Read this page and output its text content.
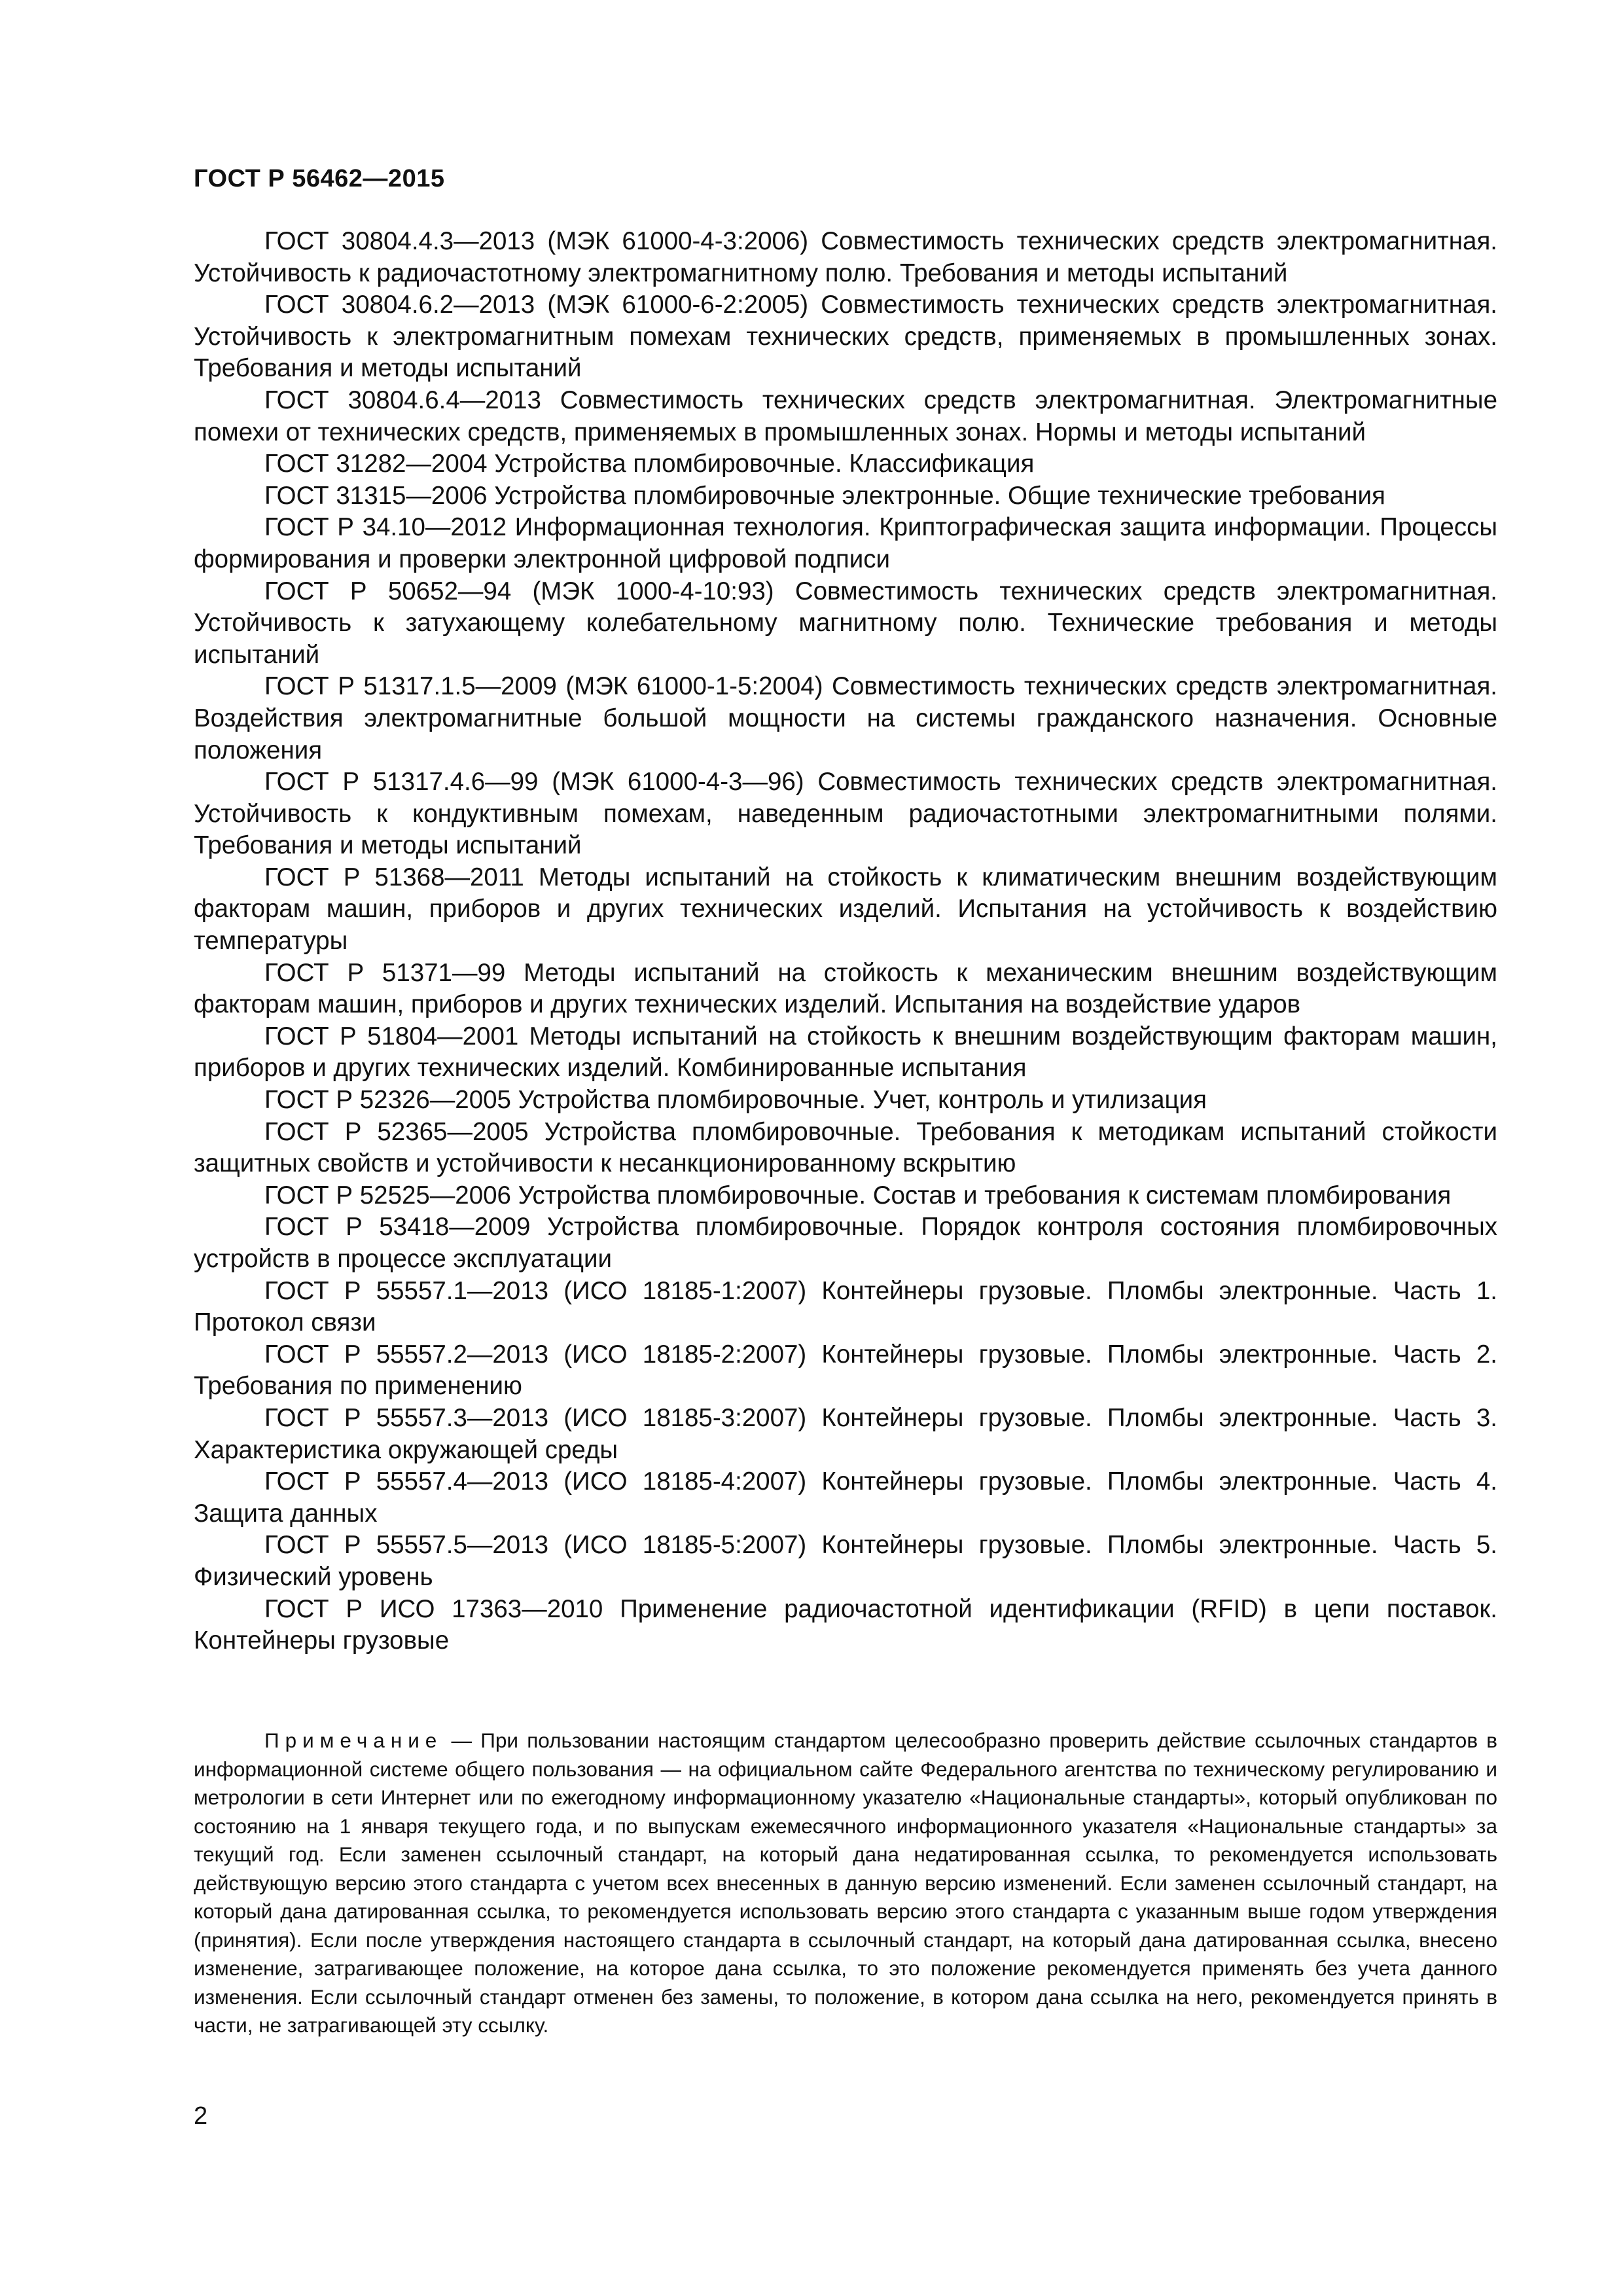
ГОСТ Р 56462—2015

ГОСТ 30804.4.3—2013 (МЭК 61000-4-3:2006) Совместимость технических средств электромагнитная. Устойчивость к радиочастотному электромагнитному полю. Требования и методы испытаний

ГОСТ 30804.6.2—2013 (МЭК 61000-6-2:2005) Совместимость технических средств электромагнитная. Устойчивость к электромагнитным помехам технических средств, применяемых в промышленных зонах. Требования и методы испытаний

ГОСТ 30804.6.4—2013 Совместимость технических средств электромагнитная. Электромагнитные помехи от технических средств, применяемых в промышленных зонах. Нормы и методы испытаний

ГОСТ 31282—2004 Устройства пломбировочные. Классификация

ГОСТ 31315—2006 Устройства пломбировочные электронные. Общие технические требования

ГОСТ Р 34.10—2012 Информационная технология. Криптографическая защита информации. Процессы формирования и проверки электронной цифровой подписи

ГОСТ Р 50652—94 (МЭК 1000-4-10:93) Совместимость технических средств электромагнитная. Устойчивость к затухающему колебательному магнитному полю. Технические требования и методы испытаний

ГОСТ Р 51317.1.5—2009 (МЭК 61000-1-5:2004) Совместимость технических средств электромагнитная. Воздействия электромагнитные большой мощности на системы гражданского назначения. Основные положения

ГОСТ Р 51317.4.6—99 (МЭК 61000-4-3—96) Совместимость технических средств электромагнитная. Устойчивость к кондуктивным помехам, наведенным радиочастотными электромагнитными полями. Требования и методы испытаний

ГОСТ Р 51368—2011 Методы испытаний на стойкость к климатическим внешним воздействующим факторам машин, приборов и других технических изделий. Испытания на устойчивость к воздействию температуры

ГОСТ Р 51371—99 Методы испытаний на стойкость к механическим внешним воздействующим факторам машин, приборов и других технических изделий. Испытания на воздействие ударов

ГОСТ Р 51804—2001 Методы испытаний на стойкость к внешним воздействующим факторам машин, приборов и других технических изделий. Комбинированные испытания

ГОСТ Р 52326—2005 Устройства пломбировочные. Учет, контроль и утилизация

ГОСТ Р 52365—2005 Устройства пломбировочные. Требования к методикам испытаний стойкости защитных свойств и устойчивости к несанкционированному вскрытию

ГОСТ Р 52525—2006 Устройства пломбировочные. Состав и требования к системам пломбирования

ГОСТ Р 53418—2009 Устройства пломбировочные. Порядок контроля состояния пломбировочных устройств в процессе эксплуатации

ГОСТ Р 55557.1—2013 (ИСО 18185-1:2007) Контейнеры грузовые. Пломбы электронные. Часть 1. Протокол связи

ГОСТ Р 55557.2—2013 (ИСО 18185-2:2007) Контейнеры грузовые. Пломбы электронные. Часть 2. Требования по применению

ГОСТ Р 55557.3—2013 (ИСО 18185-3:2007) Контейнеры грузовые. Пломбы электронные. Часть 3. Характеристика окружающей среды

ГОСТ Р 55557.4—2013 (ИСО 18185-4:2007) Контейнеры грузовые. Пломбы электронные. Часть 4. Защита данных

ГОСТ Р 55557.5—2013 (ИСО 18185-5:2007) Контейнеры грузовые. Пломбы электронные. Часть 5. Физический уровень

ГОСТ Р ИСО 17363—2010 Применение радиочастотной идентификации (RFID) в цепи поставок. Контейнеры грузовые

Примечание — При пользовании настоящим стандартом целесообразно проверить действие ссылочных стандартов в информационной системе общего пользования — на официальном сайте Федерального агентства по техническому регулированию и метрологии в сети Интернет или по ежегодному информационному указателю «Национальные стандарты», который опубликован по состоянию на 1 января текущего года, и по выпускам ежемесячного информационного указателя «Национальные стандарты» за текущий год. Если заменен ссылочный стандарт, на который дана недатированная ссылка, то рекомендуется использовать действующую версию этого стандарта с учетом всех внесенных в данную версию изменений. Если заменен ссылочный стандарт, на который дана датированная ссылка, то рекомендуется использовать версию этого стандарта с указанным выше годом утверждения (принятия). Если после утверждения настоящего стандарта в ссылочный стандарт, на который дана датированная ссылка, внесено изменение, затрагивающее положение, на которое дана ссылка, то это положение рекомендуется применять без учета данного изменения. Если ссылочный стандарт отменен без замены, то положение, в котором дана ссылка на него, рекомендуется принять в части, не затрагивающей эту ссылку.

2
